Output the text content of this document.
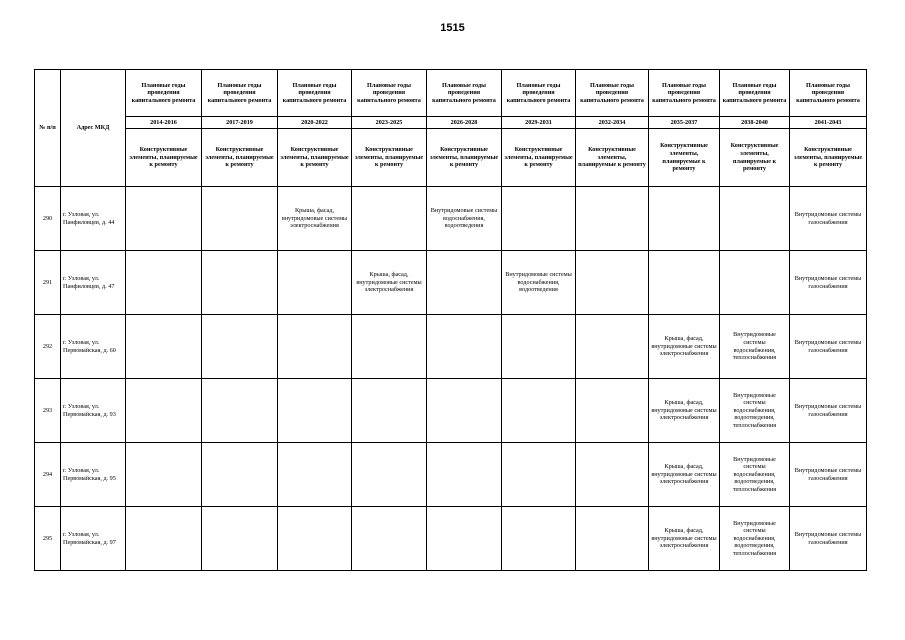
1515
№ п/п	Адрес МКД	Плановые годы проведения капитального ремонта	Плановые годы проведения капитального ремонта	Плановые годы проведения капитального ремонта	Плановые годы проведения капитального ремонта	Плановые годы проведения капитального ремонта	Плановые годы проведения капитального ремонта	Плановые годы проведения капитального ремонта	Плановые годы проведения капитального ремонта	Плановые годы проведения капитального ремонта	Плановые годы проведения капитального ремонта
		2014-2016	2017-2019	2020-2022	2023-2025	2026-2028	2029-2031	2032-2034	2035-2037	2038-2040	2041-2043
		Конструктивные элементы, планируемые к ремонту	Конструктивные элементы, планируемые к ремонту	Конструктивные элементы, планируемые к ремонту	Конструктивные элементы, планируемые к ремонту	Конструктивные элементы, планируемые к ремонту	Конструктивные элементы, планируемые к ремонту	Конструктивные элементы, планируемые к ремонту	Конструктивные элементы, планируемые к ремонту	Конструктивные элементы, планируемые к ремонту	Конструктивные элементы, планируемые к ремонту
290	г. Узловая, ул. Панфиловцев, д. 44			Крыша, фасад, внутридомовые системы электроснабжения		Внутридомовые системы водоснабжения, водоотведения					Внутридомовые системы газоснабжения
291	г. Узловая, ул. Панфиловцев, д. 47				Крыша, фасад, внутридомовые системы электроснабжения		Внутридомовые системы водоснабжения, водоотведения				Внутридомовые системы газоснабжения
292	г. Узловая, ул. Первомайская, д. 60								Крыша, фасад, внутридомовые системы электроснабжения	Внутридомовые системы водоснабжения, теплоснабжения	Внутридомовые системы газоснабжения
293	г. Узловая, ул. Первомайская, д. 93								Крыша, фасад, внутридомовые системы электроснабжения	Внутридомовые системы водоснабжения, водоотведения, теплоснабжения	Внутридомовые системы газоснабжения
294	г. Узловая, ул. Первомайская, д. 95								Крыша, фасад, внутридомовые системы электроснабжения	Внутридомовые системы водоснабжения, водоотведения, теплоснабжения	Внутридомовые системы газоснабжения
295	г. Узловая, ул. Первомайская, д. 97								Крыша, фасад, внутридомовые системы электроснабжения	Внутридомовые системы водоснабжения, водоотведения, теплоснабжения	Внутридомовые системы газоснабжения
